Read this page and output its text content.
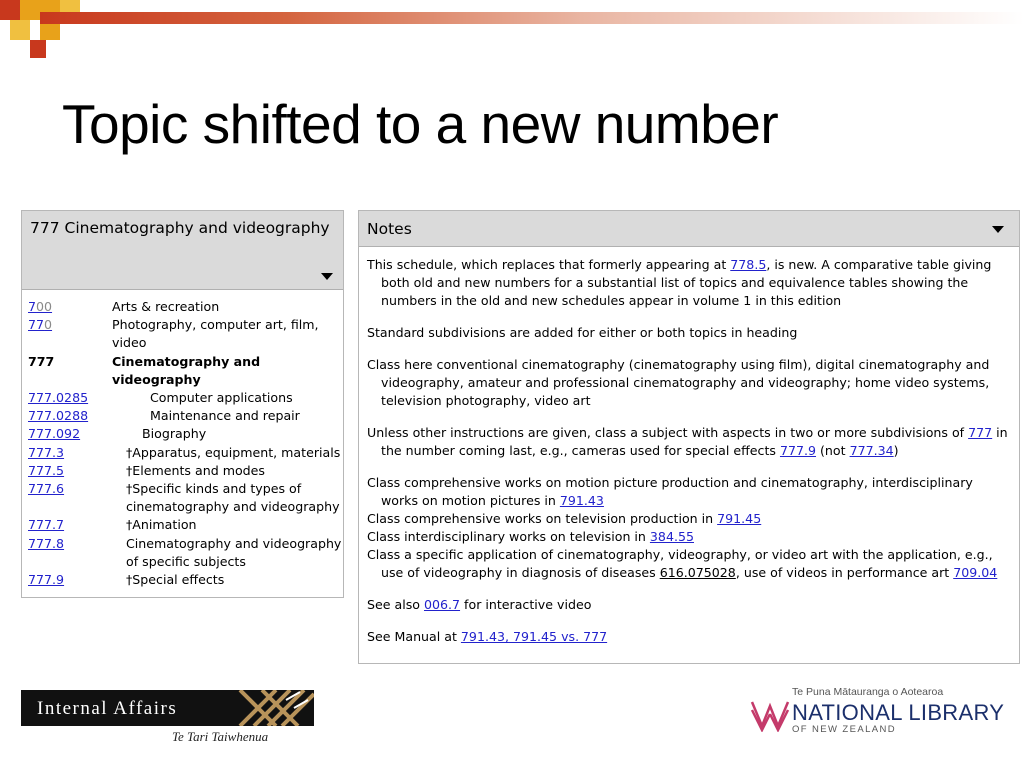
Topic shifted to a new number
777 Cinematography and videography
700	Arts & recreation
770	Photography, computer art, film, video
777	Cinematography and videography
777.0285	Computer applications
777.0288	Maintenance and repair
777.092	Biography
777.3	†Apparatus, equipment, materials
777.5	†Elements and modes
777.6	†Specific kinds and types of cinematography and videography
777.7	†Animation
777.8	Cinematography and videography of specific subjects
777.9	†Special effects
Notes
This schedule, which replaces that formerly appearing at 778.5, is new. A comparative table giving both old and new numbers for a substantial list of topics and equivalence tables showing the numbers in the old and new schedules appear in volume 1 in this edition
Standard subdivisions are added for either or both topics in heading
Class here conventional cinematography (cinematography using film), digital cinematography and videography, amateur and professional cinematography and videography; home video systems, television photography, video art
Unless other instructions are given, class a subject with aspects in two or more subdivisions of 777 in the number coming last, e.g., cameras used for special effects 777.9 (not 777.34)
Class comprehensive works on motion picture production and cinematography, interdisciplinary works on motion pictures in 791.43
Class comprehensive works on television production in 791.45
Class interdisciplinary works on television in 384.55
Class a specific application of cinematography, videography, or video art with the application, e.g., use of videography in diagnosis of diseases 616.075028, use of videos in performance art 709.04
See also 006.7 for interactive video
See Manual at 791.43, 791.45 vs. 777
Internal Affairs
Te Tari Taiwhenua
Te Puna Mātauranga o Aotearoa
NATIONAL LIBRARY
OF NEW ZEALAND
